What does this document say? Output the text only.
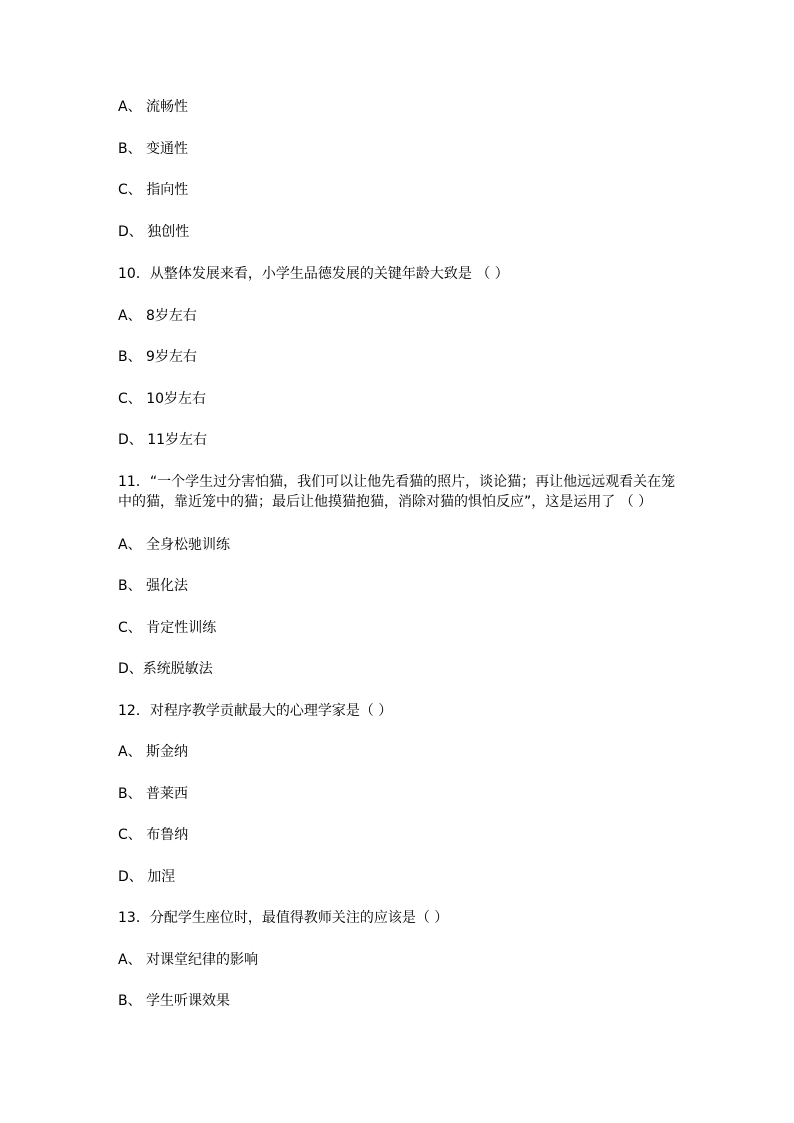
A、 流畅性
B、 变通性
C、 指向性
D、 独创性
10．从整体发展来看，小学生品德发展的关键年龄大致是 （ ）
A、 8岁左右
B、 9岁左右
C、 10岁左右
D、 11岁左右
11．“一个学生过分害怕猫，我们可以让他先看猫的照片，谈论猫；再让他远远观看关在笼中的猫，靠近笼中的猫；最后让他摸猫抱猫，消除对猫的惧怕反应”，这是运用了 （ ）
A、 全身松驰训练
B、 强化法
C、 肯定性训练
D、系统脱敏法
12．对程序教学贡献最大的心理学家是（ ）
A、 斯金纳
B、 普莱西
C、 布鲁纳
D、 加涅
13．分配学生座位时，最值得教师关注的应该是（ ）
A、 对课堂纪律的影响
B、 学生听课效果
